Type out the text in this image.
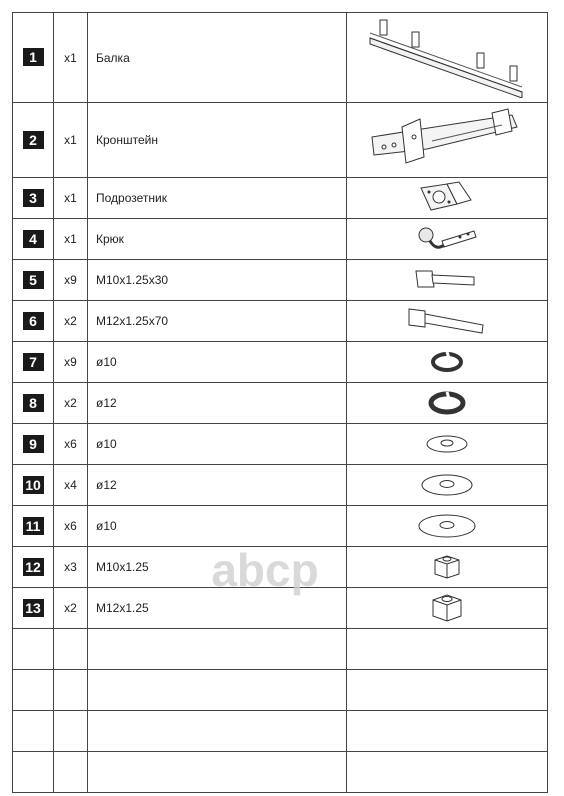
1	x1	Балка	

2	x1	Кронштейн	

3	x1	Подрозетник	

4	x1	Крюк	

5	x9	M10x1.25x30	

6	x2	M12x1.25x70	

7	x9	ø10	

8	x2	ø12	

9	x6	ø10	

10	x4	ø12	

11	x6	ø10	

12	x3	M10x1.25	

13	x2	M12x1.25	

abcp
